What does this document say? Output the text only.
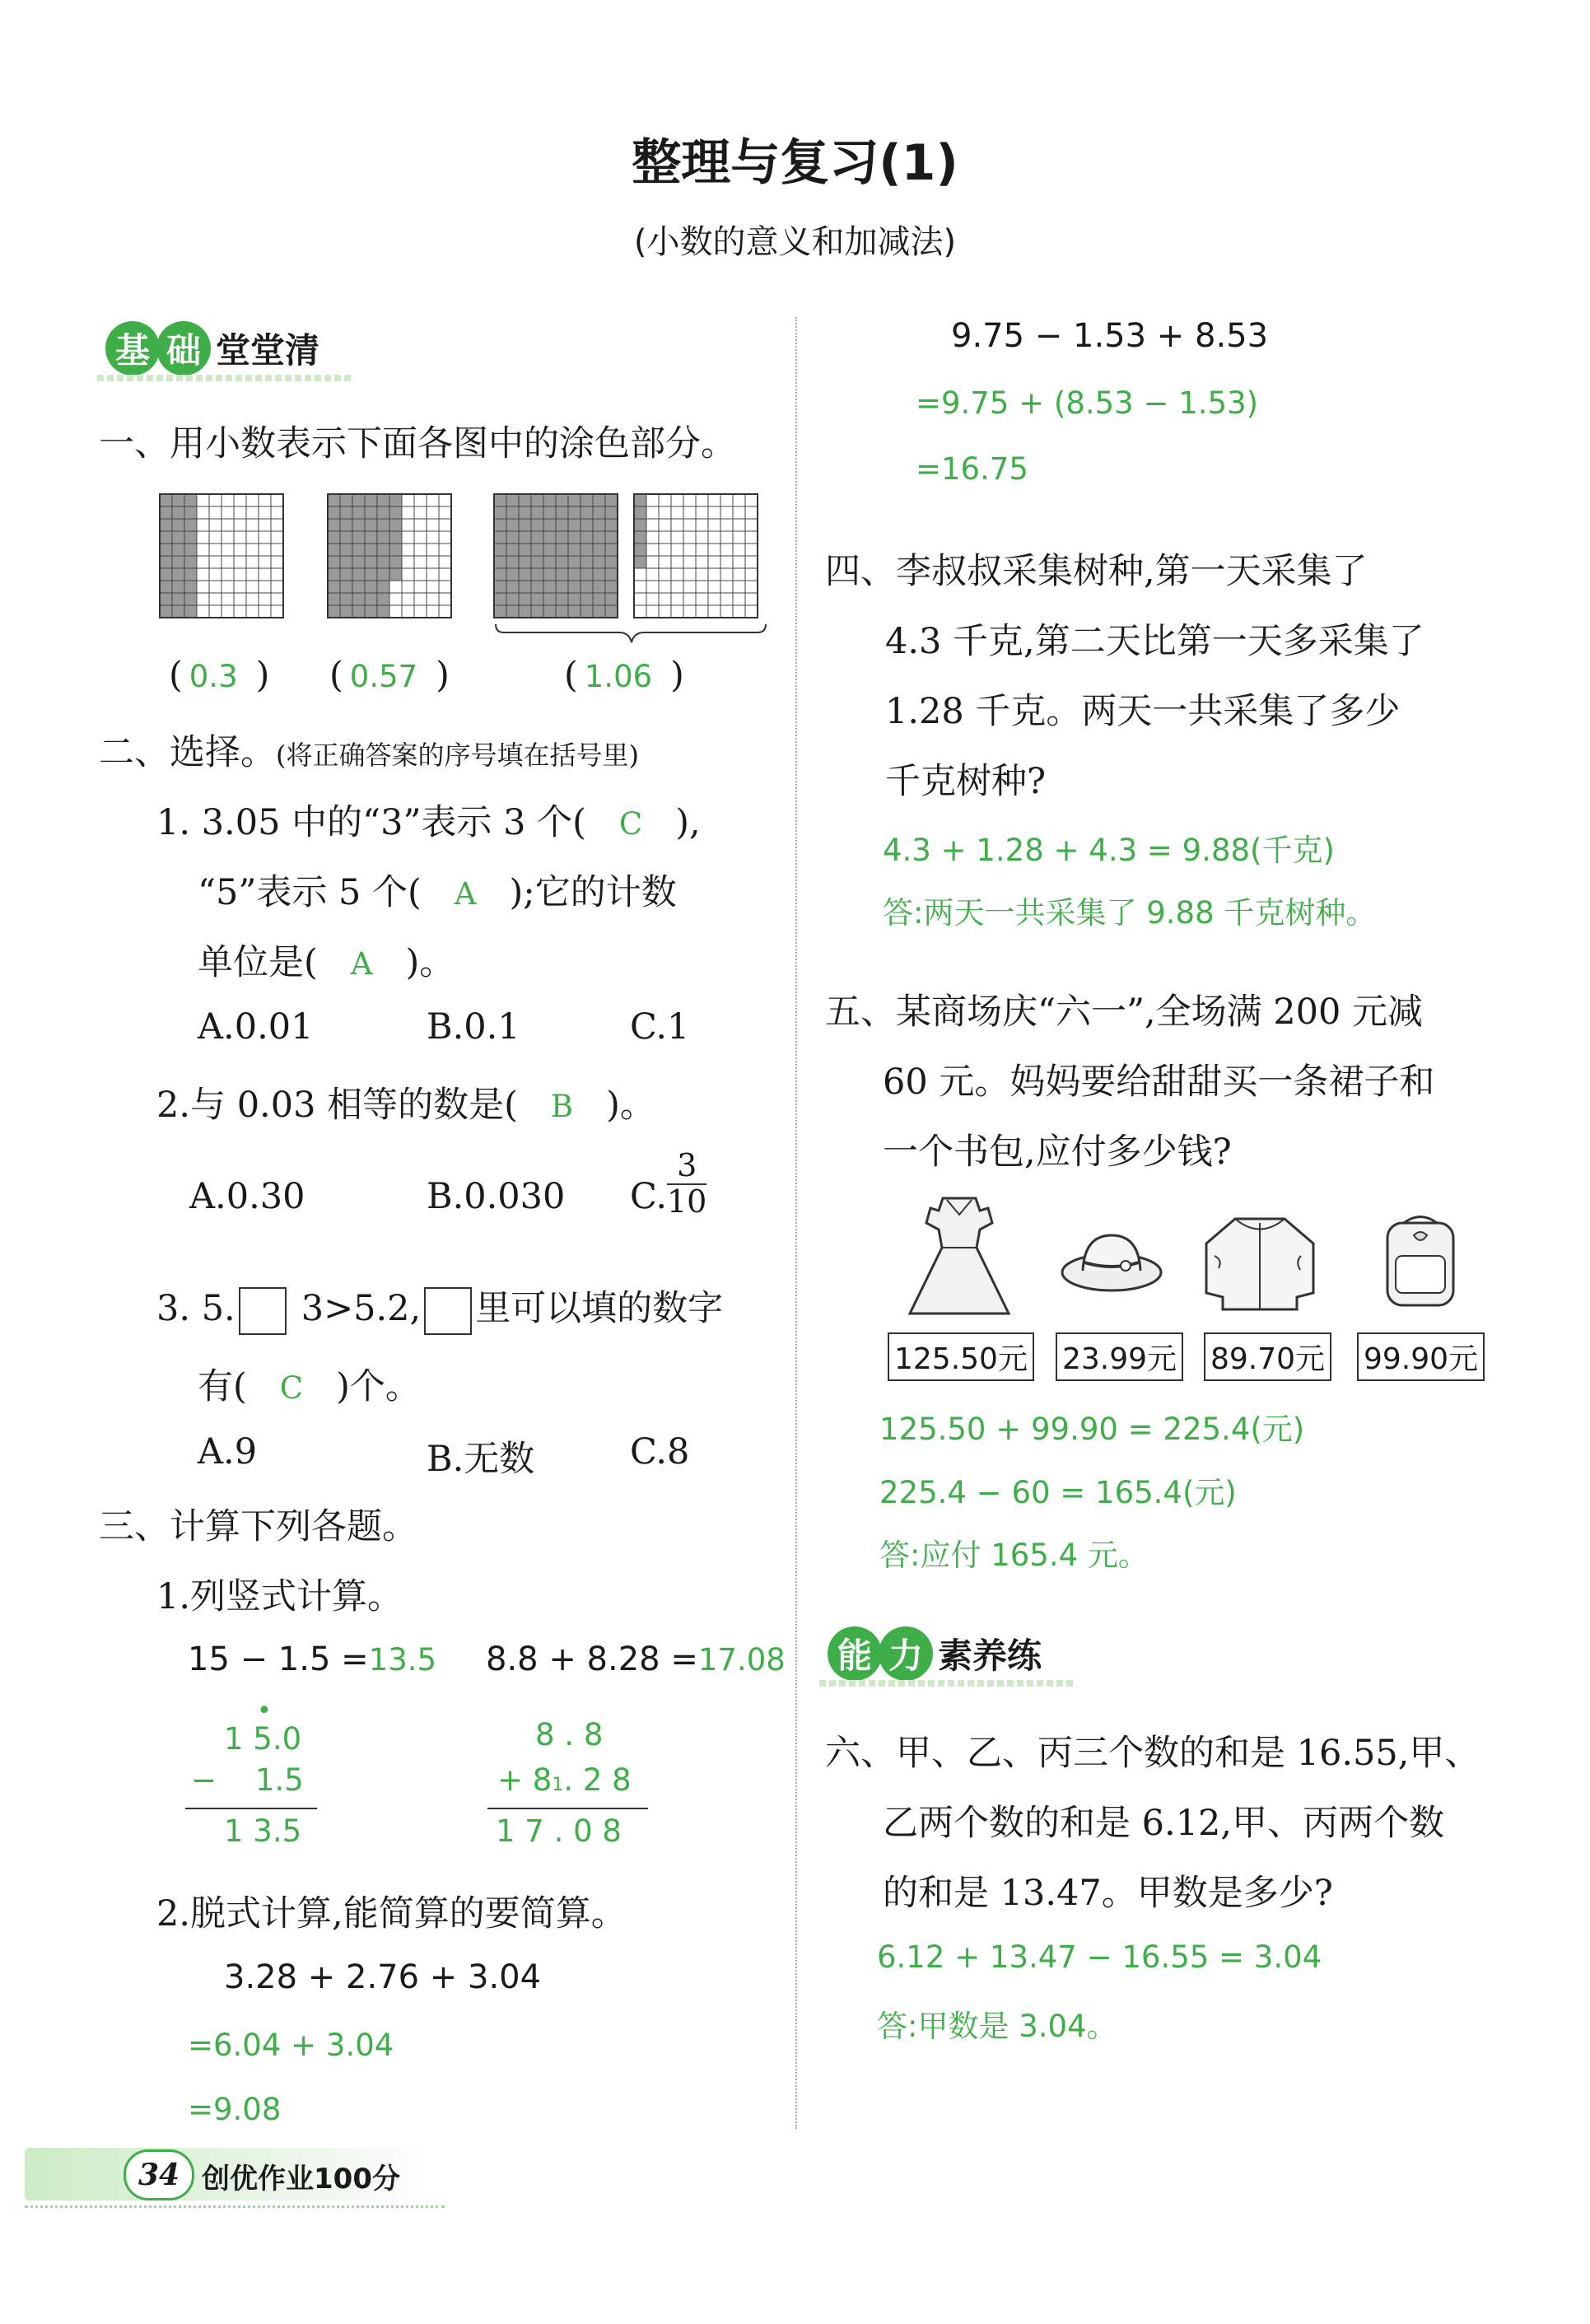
整理与复习(1)
(小数的意义和加减法)
基 础 堂堂清
一、用小数表示下面各图中的涂色部分。
( 0.3 ) ( 0.57 )	( 1.06 )
二、选择。(将正确答案的序号填在括号里)
1. 3.05 中的“3”表示 3 个( C ),
“5”表示 5 个( A );它的计数
单位是( A )。
A.0.01	B.0.1	C.1
2.与 0.03 相等的数是( B )。
A.0.30	B.0.030 C. $\frac{3}{10}$
3. 5. 3>5.2, 里可以填的数字
有( C )个。
A.9	B.无数	C.8
三、计算下列各题。
1.列竖式计算。
15 − 1.5 =13.5 8.8 + 8.28 =17.08
•
1 5.0
− 1.5
1 3.5
8 . 8
+ 81. 2 8
1 7 . 0 8
2.脱式计算,能简算的要简算。
3.28 + 2.76 + 3.04
=6.04 + 3.04
=9.08
9.75 − 1.53 + 8.53
=9.75 + (8.53 − 1.53)
=16.75
四、李叔叔采集树种,第一天采集了
4.3 千克,第二天比第一天多采集了
1.28 千克。两天一共采集了多少
千克树种?
4.3 + 1.28 + 4.3 = 9.88(千克)
答:两天一共采集了 9.88 千克树种。
五、某商场庆“六一”,全场满 200 元减
60 元。妈妈要给甜甜买一条裙子和
一个书包,应付多少钱?
125.50元 23.99元 89.70元 99.90元
125.50 + 99.90 = 225.4(元)
225.4 − 60 = 165.4(元)
答:应付 165.4 元。
能 力 素养练
六、甲、乙、丙三个数的和是 16.55,甲、
乙两个数的和是 6.12,甲、丙两个数
的和是 13.47。甲数是多少?
6.12 + 13.47 − 16.55 = 3.04
答:甲数是 3.04。
34 创优作业100分
